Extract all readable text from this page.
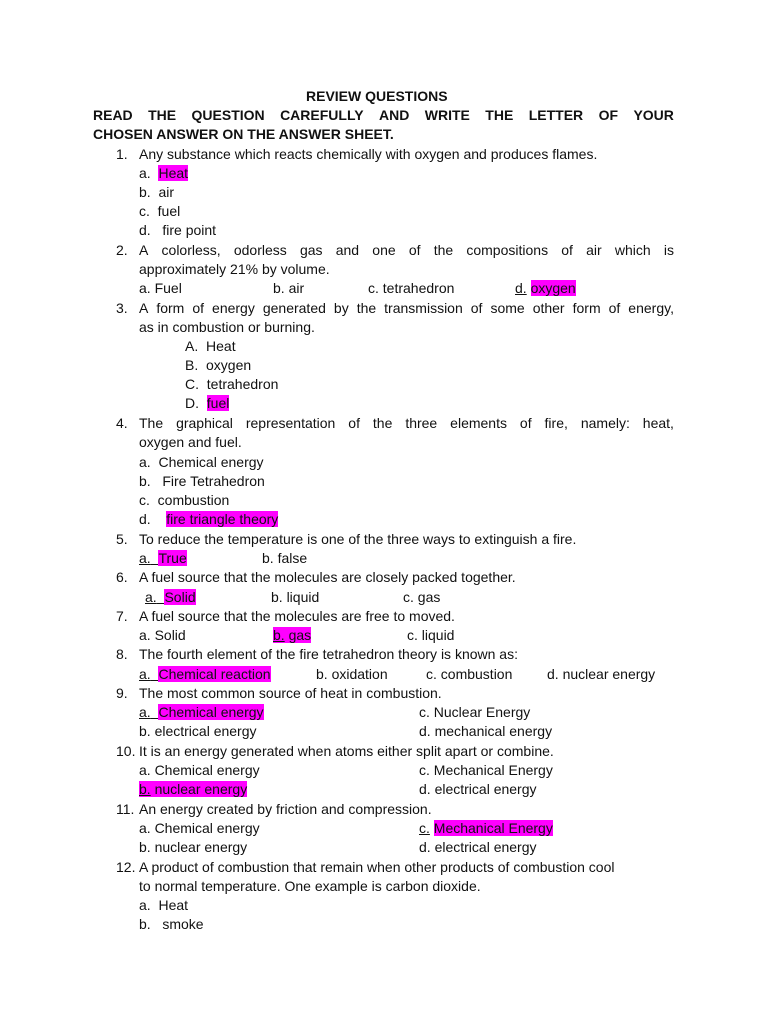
REVIEW QUESTIONS
READ THE QUESTION CAREFULLY AND WRITE THE LETTER OF YOUR
CHOSEN ANSWER ON THE ANSWER SHEET.
1. Any substance which reacts chemically with oxygen and produces flames.
a. Heat
b. air
c. fuel
d. fire point
2. A colorless, odorless gas and one of the compositions of air which is
approximately 21% by volume.
a. Fuel	b. air	c. tetrahedron	d. oxygen
3. A form of energy generated by the transmission of some other form of energy,
as in combustion or burning.
A. Heat
B. oxygen
C. tetrahedron
D. fuel
4. The graphical representation of the three elements of fire, namely: heat,
oxygen and fuel.
a. Chemical energy
b. Fire Tetrahedron
c. combustion
d. fire triangle theory
5. To reduce the temperature is one of the three ways to extinguish a fire.
a. True	b. false
6. A fuel source that the molecules are closely packed together.
a. Solid	b. liquid	c. gas
7. A fuel source that the molecules are free to moved.
a. Solid	b. gas	c. liquid
8. The fourth element of the fire tetrahedron theory is known as:
a. Chemical reaction	b. oxidation	c. combustion d. nuclear energy
9. The most common source of heat in combustion.
a. Chemical energy	c. Nuclear Energy
b. electrical energy	d. mechanical energy
10. It is an energy generated when atoms either split apart or combine.
a. Chemical energy	c. Mechanical Energy
b. nuclear energy	d. electrical energy
11. An energy created by friction and compression.
a. Chemical energy	c. Mechanical Energy
b. nuclear energy	d. electrical energy
12. A product of combustion that remain when other products of combustion cool
to normal temperature. One example is carbon dioxide.
a. Heat
b. smoke
